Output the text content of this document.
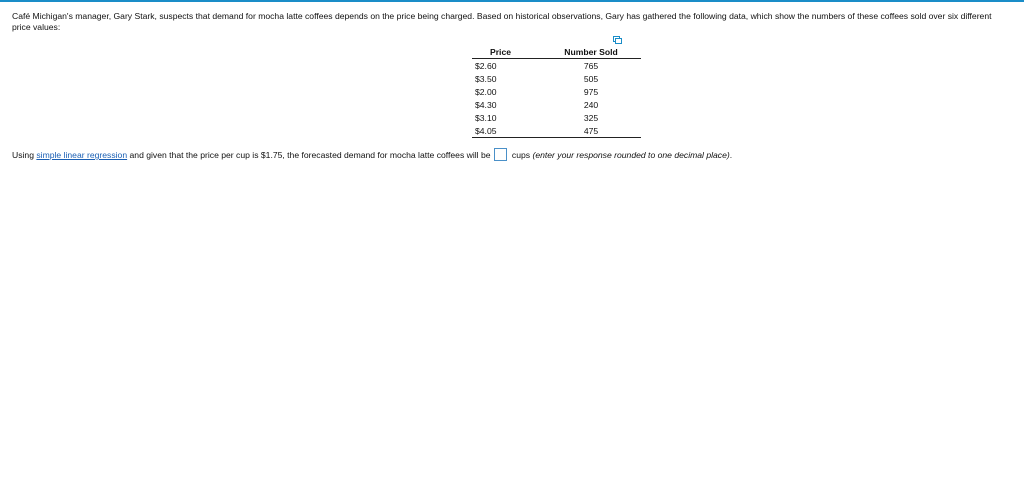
Café Michigan's manager, Gary Stark, suspects that demand for mocha latte coffees depends on the price being charged. Based on historical observations, Gary has gathered the following data, which show the numbers of these coffees sold over six different price values:

Price		Number Sold
$2.60		765
$3.50		505
$2.00		975
$4.30		240
$3.10		325
$4.05		475
Using simple linear regression and given that the price per cup is $1.75, the forecasted demand for mocha latte coffees will be cups (enter your response rounded to one decimal place).
